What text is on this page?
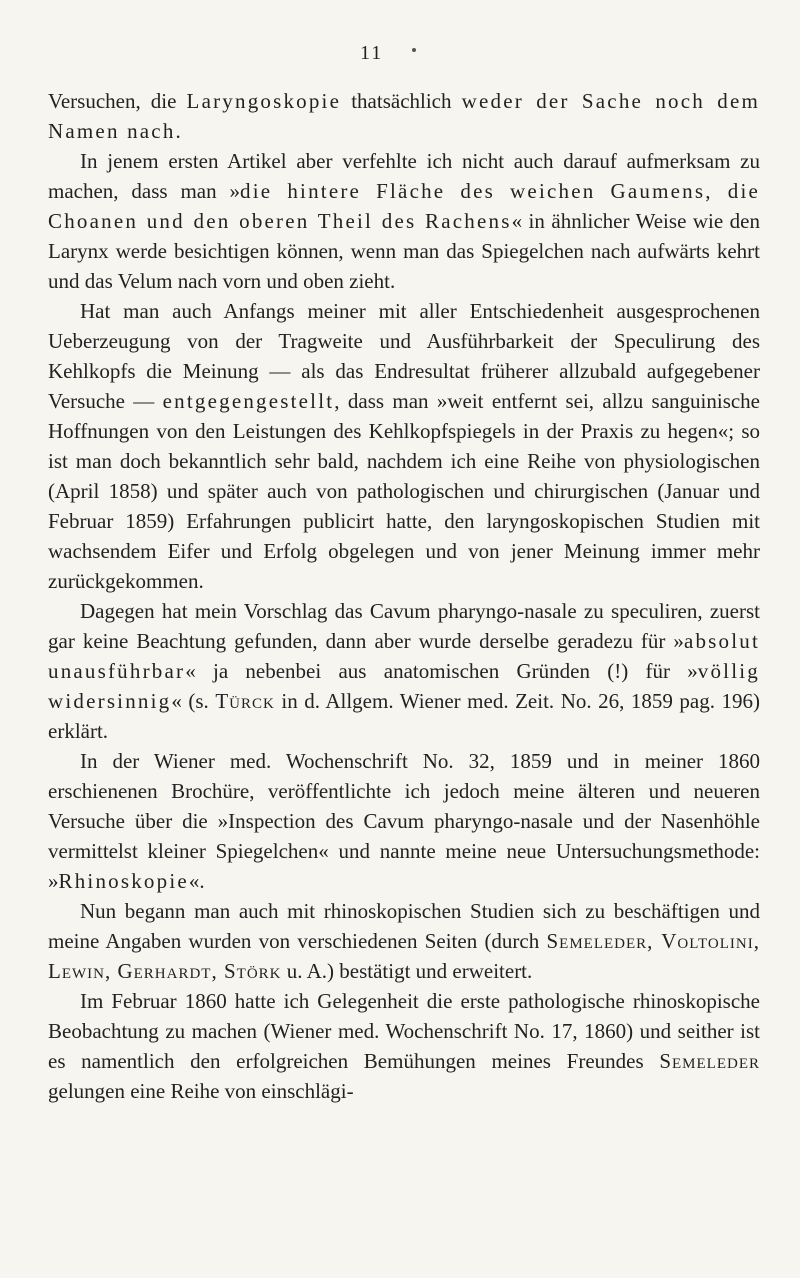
11

Versuchen, die Laryngoskopie thatsächlich weder der Sache noch dem Namen nach.

In jenem ersten Artikel aber verfehlte ich nicht auch darauf aufmerksam zu machen, dass man »die hintere Fläche des weichen Gaumens, die Choanen und den oberen Theil des Rachens« in ähnlicher Weise wie den Larynx werde besichtigen können, wenn man das Spiegelchen nach aufwärts kehrt und das Velum nach vorn und oben zieht.

Hat man auch Anfangs meiner mit aller Entschiedenheit ausgesprochenen Ueberzeugung von der Tragweite und Ausführbarkeit der Speculirung des Kehlkopfs die Meinung — als das Endresultat früherer allzubald aufgegebener Versuche — entgegengestellt, dass man »weit entfernt sei, allzu sanguinische Hoffnungen von den Leistungen des Kehlkopfspiegels in der Praxis zu hegen«; so ist man doch bekanntlich sehr bald, nachdem ich eine Reihe von physiologischen (April 1858) und später auch von pathologischen und chirurgischen (Januar und Februar 1859) Erfahrungen publicirt hatte, den laryngoskopischen Studien mit wachsendem Eifer und Erfolg obgelegen und von jener Meinung immer mehr zurückgekommen.

Dagegen hat mein Vorschlag das Cavum pharyngo-nasale zu speculiren, zuerst gar keine Beachtung gefunden, dann aber wurde derselbe geradezu für »absolut unausführbar« ja nebenbei aus anatomischen Gründen (!) für »völlig widersinnig« (s. Türck in d. Allgem. Wiener med. Zeit. No. 26, 1859 pag. 196) erklärt.

In der Wiener med. Wochenschrift No. 32, 1859 und in meiner 1860 erschienenen Brochüre, veröffentlichte ich jedoch meine älteren und neueren Versuche über die »Inspection des Cavum pharyngo-nasale und der Nasenhöhle vermittelst kleiner Spiegelchen« und nannte meine neue Untersuchungsmethode: »Rhinoskopie«.

Nun begann man auch mit rhinoskopischen Studien sich zu beschäftigen und meine Angaben wurden von verschiedenen Seiten (durch Semeleder, Voltolini, Lewin, Gerhardt, Störk u. A.) bestätigt und erweitert.

Im Februar 1860 hatte ich Gelegenheit die erste pathologische rhinoskopische Beobachtung zu machen (Wiener med. Wochenschrift No. 17, 1860) und seither ist es namentlich den erfolgreichen Bemühungen meines Freundes Semeleder gelungen eine Reihe von einschlägi-
